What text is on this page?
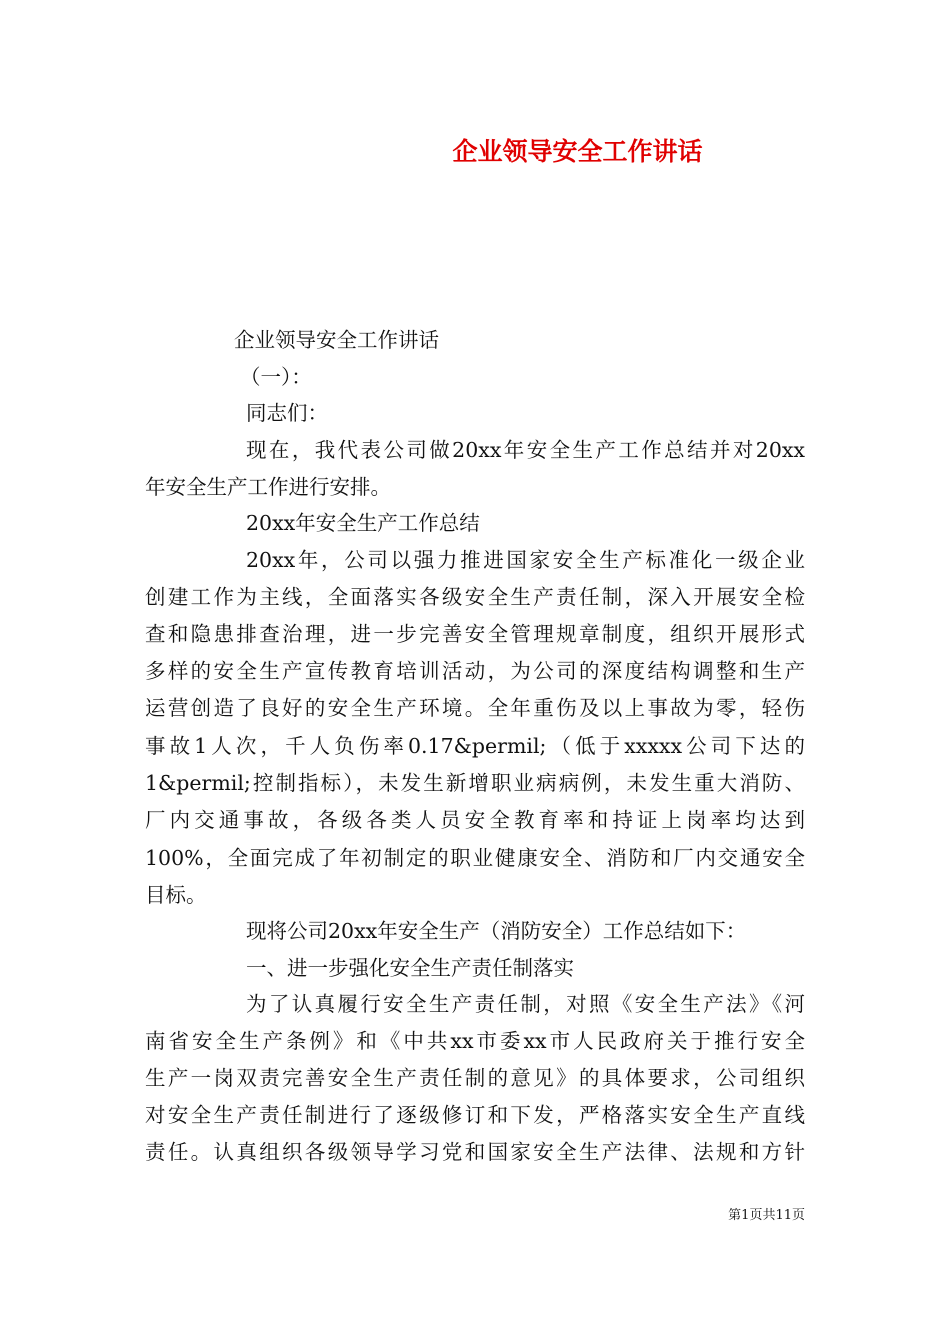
企业领导安全工作讲话
企业领导安全工作讲话
（一）：
同志们：
现在，我代表公司做20xx年安全生产工作总结并对20xx
年安全生产工作进行安排。
20xx年安全生产工作总结
20xx年，公司以强力推进国家安全生产标准化一级企业
创建工作为主线，全面落实各级安全生产责任制，深入开展安全检
查和隐患排查治理，进一步完善安全管理规章制度，组织开展形式
多样的安全生产宣传教育培训活动，为公司的深度结构调整和生产
运营创造了良好的安全生产环境。全年重伤及以上事故为零，轻伤
事故1人次，千人负伤率0.17&permil;（低于xxxxx公司下达的
1&permil;控制指标），未发生新增职业病病例，未发生重大消防、
厂内交通事故，各级各类人员安全教育率和持证上岗率均达到
100%，全面完成了年初制定的职业健康安全、消防和厂内交通安全
目标。
现将公司20xx年安全生产（消防安全）工作总结如下：
一、进一步强化安全生产责任制落实
为了认真履行安全生产责任制，对照《安全生产法》《河
南省安全生产条例》和《中共xx市委xx市人民政府关于推行安全
生产一岗双责完善安全生产责任制的意见》的具体要求，公司组织
对安全生产责任制进行了逐级修订和下发，严格落实安全生产直线
责任。认真组织各级领导学习党和国家安全生产法律、法规和方针
第1页共11页
